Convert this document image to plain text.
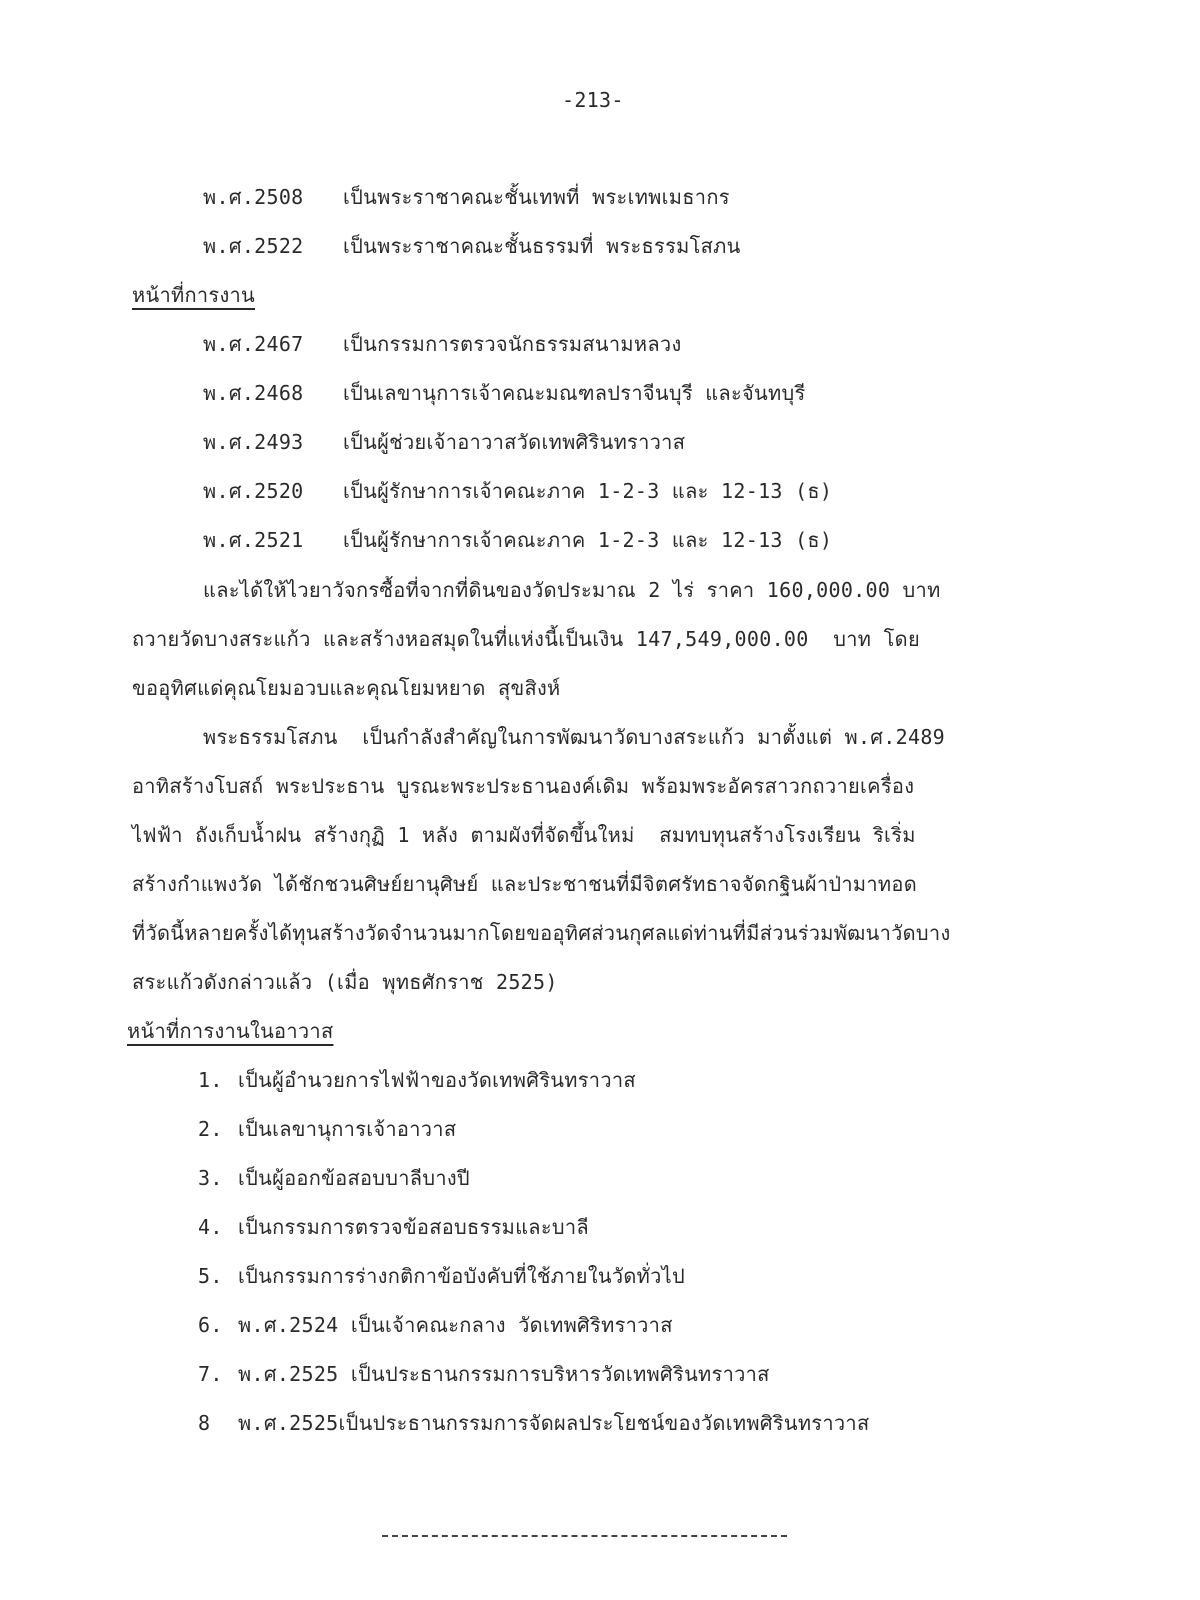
-213-
พ.ศ.2508 เป็นพระราชาคณะชั้นเทพที่ พระเทพเมธากร
พ.ศ.2522 เป็นพระราชาคณะชั้นธรรมที่ พระธรรมโสภน
หน้าที่การงาน
พ.ศ.2467 เป็นกรรมการตรวจนักธรรมสนามหลวง
พ.ศ.2468 เป็นเลขานุการเจ้าคณะมณฑลปราจีนบุรี และจันทบุรี
พ.ศ.2493 เป็นผู้ช่วยเจ้าอาวาสวัดเทพศิรินทราวาส
พ.ศ.2520 เป็นผู้รักษาการเจ้าคณะภาค 1-2-3 และ 12-13 (ธ)
พ.ศ.2521 เป็นผู้รักษาการเจ้าคณะภาค 1-2-3 และ 12-13 (ธ)
และได้ให้ไวยาวัจกรซื้อที่จากที่ดินของวัดประมาณ 2 ไร่ ราคา 160,000.00 บาท
ถวายวัดบางสระแก้ว และสร้างหอสมุดในที่แห่งนี้เป็นเงิน 147,549,000.00  บาท โดย
ขออุทิศแด่คุณโยมอวบและคุณโยมหยาด สุขสิงห์
พระธรรมโสภน  เป็นกำลังสำคัญในการพัฒนาวัดบางสระแก้ว มาตั้งแต่ พ.ศ.2489
อาทิสร้างโบสถ์ พระประธาน บูรณะพระประธานองค์เดิม พร้อมพระอัครสาวกถวายเครื่อง
ไฟฟ้า ถังเก็บน้ำฝน สร้างกุฏิ 1 หลัง ตามผังที่จัดขึ้นใหม่  สมทบทุนสร้างโรงเรียน ริเริ่ม
สร้างกำแพงวัด ได้ชักชวนศิษย์ยานุศิษย์ และประชาชนที่มีจิตศรัทธาจจัดกฐินผ้าป่ามาทอด
ที่วัดนี้หลายครั้งได้ทุนสร้างวัดจำนวนมากโดยขออุทิศส่วนกุศลแด่ท่านที่มีส่วนร่วมพัฒนาวัดบาง
สระแก้วดังกล่าวแล้ว (เมื่อ พุทธศักราช 2525)
หน้าที่การงานในอาวาส
1. เป็นผู้อำนวยการไฟฟ้าของวัดเทพศิรินทราวาส
2. เป็นเลขานุการเจ้าอาวาส
3. เป็นผู้ออกข้อสอบบาลีบางปี
4. เป็นกรรมการตรวจข้อสอบธรรมและบาลี
5. เป็นกรรมการร่างกติกาข้อบังคับที่ใช้ภายในวัดทั่วไป
6. พ.ศ.2524 เป็นเจ้าคณะกลาง วัดเทพศิริทราวาส
7. พ.ศ.2525 เป็นประธานกรรมการบริหารวัดเทพศิรินทราวาส
8 พ.ศ.2525เป็นประธานกรรมการจัดผลประโยชน์ของวัดเทพศิรินทราวาส
